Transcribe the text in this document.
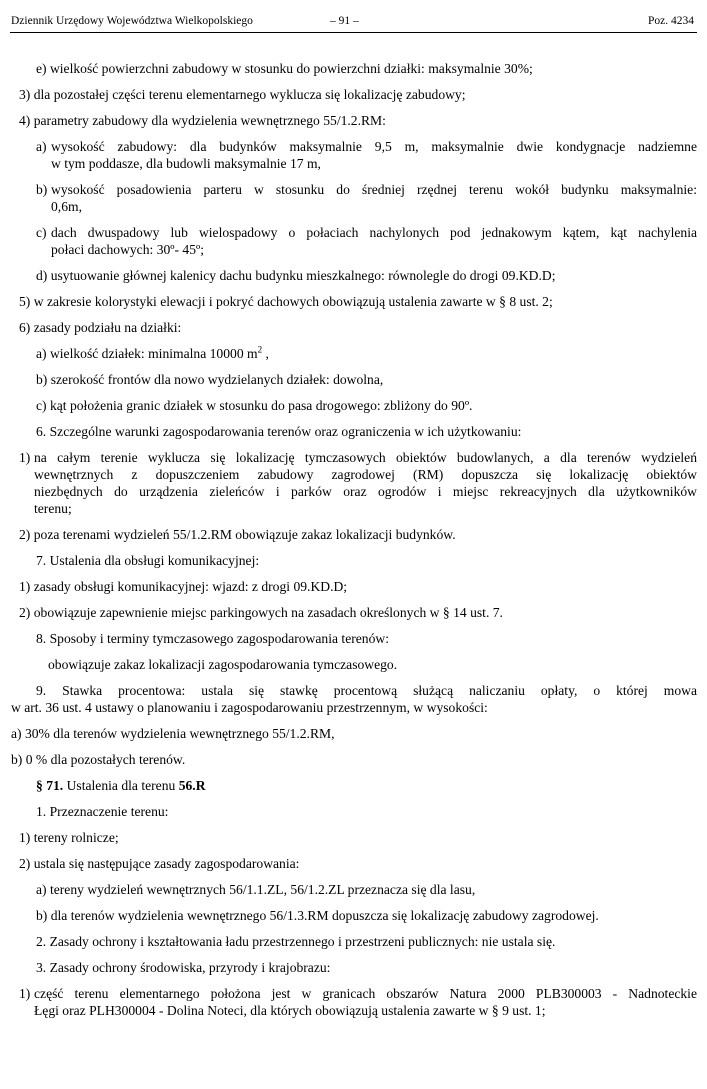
Dziennik Urzędowy Województwa Wielkopolskiego	– 91 –	Poz. 4234
e) wielkość powierzchni zabudowy w stosunku do powierzchni działki: maksymalnie 30%;
3) dla pozostałej części terenu elementarnego wyklucza się lokalizację zabudowy;
4) parametry zabudowy dla wydzielenia wewnętrznego 55/1.2.RM:
a) wysokość zabudowy: dla budynków maksymalnie 9,5 m, maksymalnie dwie kondygnacje nadziemne
w tym poddasze, dla budowli maksymalnie 17 m,
b) wysokość posadowienia parteru w stosunku do średniej rzędnej terenu wokół budynku maksymalnie:
0,6m,
c) dach dwuspadowy lub wielospadowy o połaciach nachylonych pod jednakowym kątem, kąt nachylenia
połaci dachowych: 30º- 45º;
d) usytuowanie głównej kalenicy dachu budynku mieszkalnego: równolegle do drogi 09.KD.D;
5) w zakresie kolorystyki elewacji i pokryć dachowych obowiązują ustalenia zawarte w § 8 ust. 2;
6) zasady podziału na działki:
a) wielkość działek: minimalna 10000 $m^2$ ,
b) szerokość frontów dla nowo wydzielanych działek: dowolna,
c) kąt położenia granic działek w stosunku do pasa drogowego: zbliżony do 90º.
6. Szczególne warunki zagospodarowania terenów oraz ograniczenia w ich użytkowaniu:
1) na całym terenie wyklucza się lokalizację tymczasowych obiektów budowlanych, a dla terenów wydzieleń
wewnętrznych z dopuszczeniem zabudowy zagrodowej (RM) dopuszcza się lokalizację obiektów
niezbędnych do urządzenia zieleńców i parków oraz ogrodów i miejsc rekreacyjnych dla użytkowników
terenu;
2) poza terenami wydzieleń 55/1.2.RM obowiązuje zakaz lokalizacji budynków.
7. Ustalenia dla obsługi komunikacyjnej:
1) zasady obsługi komunikacyjnej: wjazd: z drogi 09.KD.D;
2) obowiązuje zapewnienie miejsc parkingowych na zasadach określonych w § 14 ust. 7.
8. Sposoby i terminy tymczasowego zagospodarowania terenów:
obowiązuje zakaz lokalizacji zagospodarowania tymczasowego.
9. Stawka procentowa: ustala się stawkę procentową służącą naliczaniu opłaty, o której mowa
w art. 36 ust. 4 ustawy o planowaniu i zagospodarowaniu przestrzennym, w wysokości:
a) 30% dla terenów wydzielenia wewnętrznego 55/1.2.RM,
b) 0 % dla pozostałych terenów.
§ 71. Ustalenia dla terenu 56.R
1. Przeznaczenie terenu:
1) tereny rolnicze;
2) ustala się następujące zasady zagospodarowania:
a) tereny wydzieleń wewnętrznych 56/1.1.ZL, 56/1.2.ZL przeznacza się dla lasu,
b) dla terenów wydzielenia wewnętrznego 56/1.3.RM dopuszcza się lokalizację zabudowy zagrodowej.
2. Zasady ochrony i kształtowania ładu przestrzennego i przestrzeni publicznych: nie ustala się.
3. Zasady ochrony środowiska, przyrody i krajobrazu:
1) część terenu elementarnego położona jest w granicach obszarów Natura 2000 PLB300003 - Nadnoteckie
Łęgi oraz PLH300004 - Dolina Noteci, dla których obowiązują ustalenia zawarte w § 9 ust. 1;
